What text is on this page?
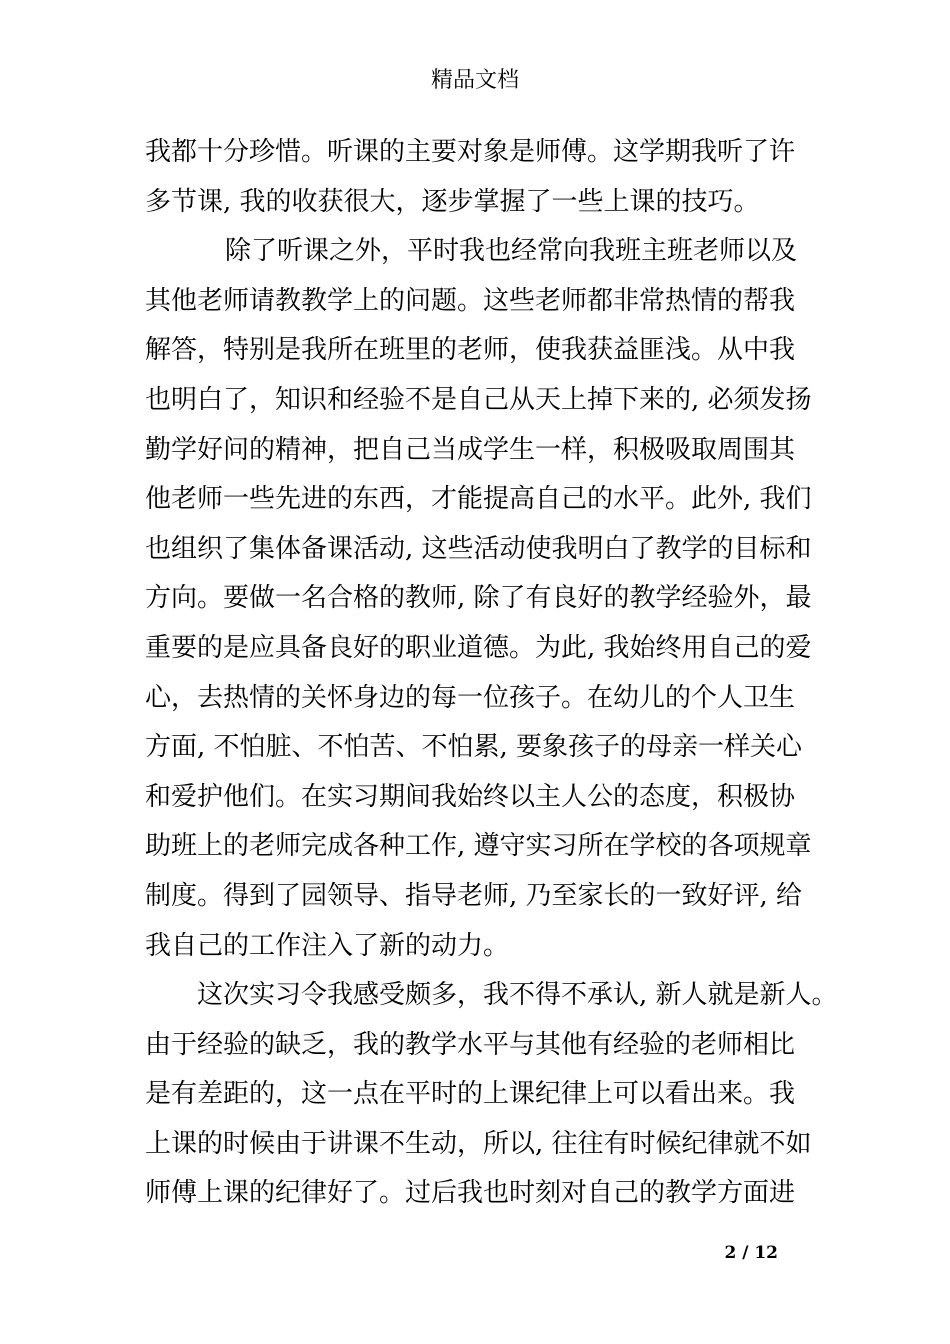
精品文档
我都十分珍惜。听课的主要对象是师傅。这学期我听了许
多节课, 我的收获很大，逐步掌握了一些上课的技巧。
除了听课之外，平时我也经常向我班主班老师以及
其他老师请教教学上的问题。这些老师都非常热情的帮我
解答，特别是我所在班里的老师，使我获益匪浅。从中我
也明白了，知识和经验不是自己从天上掉下来的, 必须发扬
勤学好问的精神，把自己当成学生一样，积极吸取周围其
他老师一些先进的东西，才能提高自己的水平。此外, 我们
也组织了集体备课活动, 这些活动使我明白了教学的目标和
方向。要做一名合格的教师, 除了有良好的教学经验外，最
重要的是应具备良好的职业道德。为此, 我始终用自己的爱
心，去热情的关怀身边的每一位孩子。在幼儿的个人卫生
方面, 不怕脏、不怕苦、不怕累, 要象孩子的母亲一样关心
和爱护他们。在实习期间我始终以主人公的态度，积极协
助班上的老师完成各种工作, 遵守实习所在学校的各项规章
制度。得到了园领导、指导老师, 乃至家长的一致好评, 给
我自己的工作注入了新的动力。
这次实习令我感受颇多，我不得不承认, 新人就是新人。
由于经验的缺乏，我的教学水平与其他有经验的老师相比
是有差距的，这一点在平时的上课纪律上可以看出来。我
上课的时候由于讲课不生动，所以, 往往有时候纪律就不如
师傅上课的纪律好了。过后我也时刻对自己的教学方面进
2 / 12
